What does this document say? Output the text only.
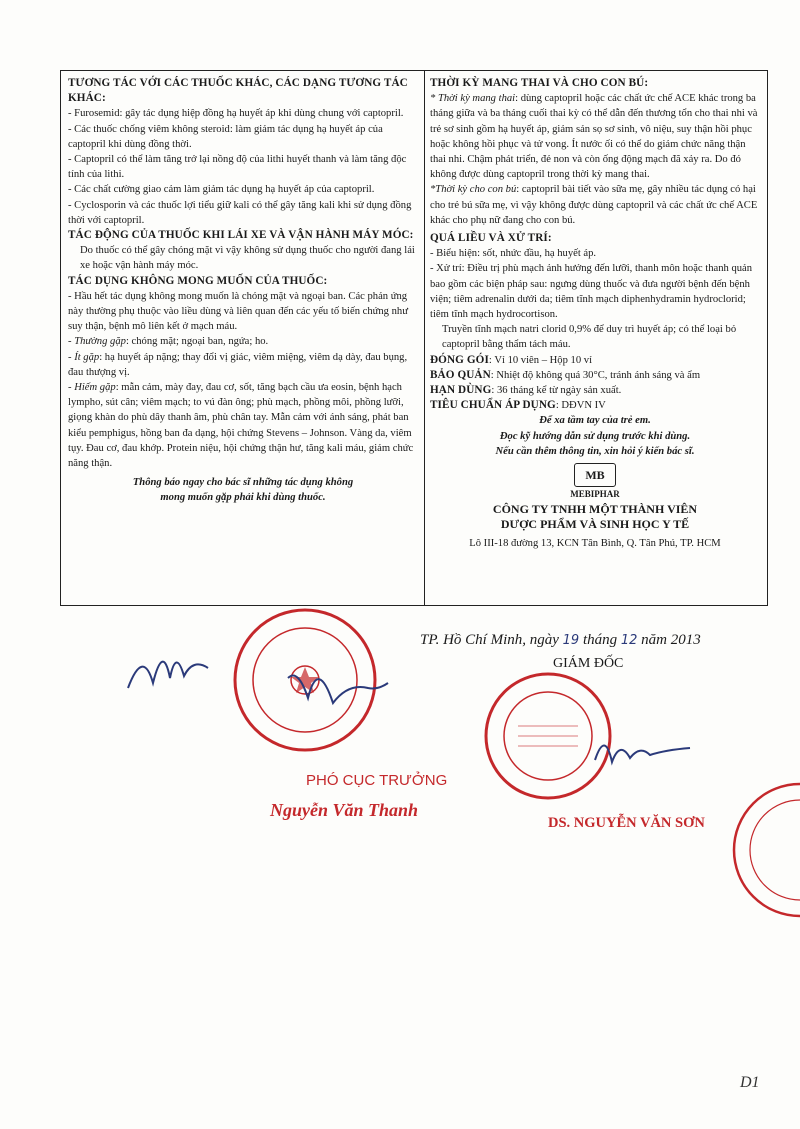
TƯƠNG TÁC VỚI CÁC THUỐC KHÁC, CÁC DẠNG TƯƠNG TÁC KHÁC:

- Furosemid: gây tác dụng hiệp đồng hạ huyết áp khi dùng chung với captopril.

- Các thuốc chống viêm không steroid: làm giảm tác dụng hạ huyết áp của captopril khi dùng đồng thời.

- Captopril có thể làm tăng trở lại nồng độ của lithi huyết thanh và làm tăng độc tính của lithi.

- Các chất cường giao cảm làm giảm tác dụng hạ huyết áp của captopril.

- Cyclosporin và các thuốc lợi tiểu giữ kali có thể gây tăng kali khi sử dụng đồng thời với captopril.

TÁC ĐỘNG CỦA THUỐC KHI LÁI XE VÀ VẬN HÀNH MÁY MÓC:

Do thuốc có thể gây chóng mặt vì vậy không sử dụng thuốc cho người đang lái xe hoặc vận hành máy móc.

TÁC DỤNG KHÔNG MONG MUỐN CỦA THUỐC:

- Hầu hết tác dụng không mong muốn là chóng mặt và ngoại ban. Các phản ứng này thường phụ thuộc vào liều dùng và liên quan đến các yếu tố biến chứng như suy thận, bệnh mô liên kết ở mạch máu.

- Thường gặp: chóng mặt; ngoại ban, ngứa; ho.

- Ít gặp: hạ huyết áp nặng; thay đổi vị giác, viêm miệng, viêm dạ dày, đau bụng, đau thượng vị.

- Hiếm gặp: mẫn cảm, mày đay, đau cơ, sốt, tăng bạch cầu ưa eosin, bệnh hạch lympho, sút cân; viêm mạch; to vú đàn ông; phù mạch, phồng môi, phồng lưỡi, giọng khàn do phù dây thanh âm, phù chân tay. Mẫn cảm với ánh sáng, phát ban kiểu pemphigus, hồng ban đa dạng, hội chứng Stevens – Johnson. Vàng da, viêm tụy. Đau cơ, đau khớp. Protein niệu, hội chứng thận hư, tăng kali máu, giảm chức năng thận.

Thông báo ngay cho bác sĩ những tác dụng không

mong muốn gặp phải khi dùng thuốc.

THỜI KỲ MANG THAI VÀ CHO CON BÚ:

* Thời kỳ mang thai: dùng captopril hoặc các chất ức chế ACE khác trong ba tháng giữa và ba tháng cuối thai kỳ có thể dẫn đến thương tổn cho thai nhi và trẻ sơ sinh gồm hạ huyết áp, giảm sản sọ sơ sinh, vô niệu, suy thận hồi phục hoặc không hồi phục và tử vong. Ít nước ối có thể do giảm chức năng thận thai nhi. Chậm phát triển, đẻ non và còn ống động mạch đã xảy ra. Do đó không được dùng captopril trong thời kỳ mang thai.

*Thời kỳ cho con bú: captopril bài tiết vào sữa mẹ, gây nhiều tác dụng có hại cho trẻ bú sữa mẹ, vì vậy không được dùng captopril và các chất ức chế ACE khác cho phụ nữ đang cho con bú.

QUÁ LIỀU VÀ XỬ TRÍ:

- Biểu hiện: sốt, nhức đầu, hạ huyết áp.

- Xử trí: Điều trị phù mạch ảnh hưởng đến lưỡi, thanh môn hoặc thanh quản bao gồm các biện pháp sau: ngưng dùng thuốc và đưa người bệnh đến bệnh viện; tiêm adrenalin dưới da; tiêm tĩnh mạch diphenhydramin hydroclorid; tiêm tĩnh mạch hydrocortison.

Truyền tĩnh mạch natri clorid 0,9% để duy trì huyết áp; có thể loại bỏ captopril bằng thẩm tách máu.

ĐÓNG GÓI: Vỉ 10 viên – Hộp 10 vỉ

BẢO QUẢN: Nhiệt độ không quá 30°C, tránh ánh sáng và ẩm

HẠN DÙNG: 36 tháng kể từ ngày sản xuất.

TIÊU CHUẨN ÁP DỤNG: DĐVN IV

Để xa tầm tay của trẻ em.

Đọc kỹ hướng dẫn sử dụng trước khi dùng.

Nếu cần thêm thông tin, xin hỏi ý kiến bác sĩ.

MB

MEBIPHAR

CÔNG TY TNHH MỘT THÀNH VIÊN

DƯỢC PHẨM VÀ SINH HỌC Y TẾ

Lô III-18 đường 13, KCN Tân Bình, Q. Tân Phú, TP. HCM

TP. Hồ Chí Minh, ngày 19 tháng 12 năm 2013
GIÁM ĐỐC
PHÓ CỤC TRƯỞNG
Nguyễn Văn Thanh
DS. NGUYỄN VĂN SƠN
D1
